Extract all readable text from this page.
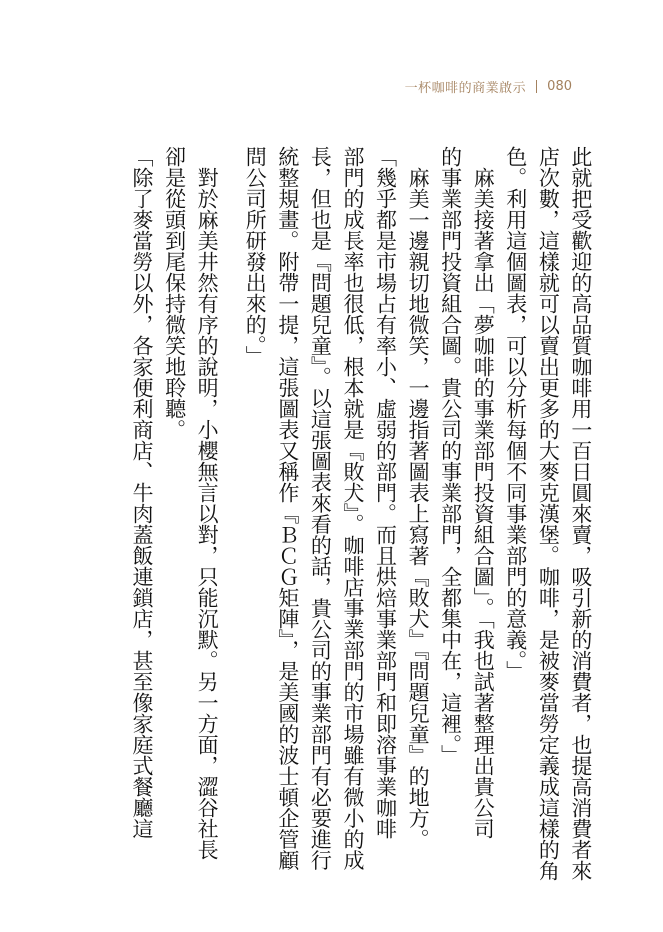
一杯咖啡的商業啟示 080
此就把受歡迎的高品質咖啡用一百日圓來賣，吸引新的消費者，也提高消費者來
店次數，這樣就可以賣出更多的大麥克漢堡。咖啡，是被麥當勞定義成這樣的角
色。利用這個圖表，可以分析每個不同事業部門的意義。」
　麻美接著拿出「夢咖啡的事業部門投資組合圖」。「我也試著整理出貴公司
的事業部門投資組合圖。貴公司的事業部門，全都集中在，這裡。」
　麻美一邊親切地微笑，一邊指著圖表上寫著『敗犬』『問題兒童』的地方。
「幾乎都是市場占有率小、虛弱的部門。而且烘焙事業部門和即溶事業咖啡
部門的成長率也很低，根本就是『敗犬』。咖啡店事業部門的市場雖有微小的成
長，但也是『問題兒童』。以這張圖表來看的話，貴公司的事業部門有必要進行
統整規畫。附帶一提，這張圖表又稱作『ＢＣＧ矩陣』，是美國的波士頓企管顧
問公司所研發出來的。」
　對於麻美井然有序的說明，小櫻無言以對，只能沉默。另一方面，澀谷社長
卻是從頭到尾保持微笑地聆聽。
「除了麥當勞以外，各家便利商店、牛肉蓋飯連鎖店，甚至像家庭式餐廳這
